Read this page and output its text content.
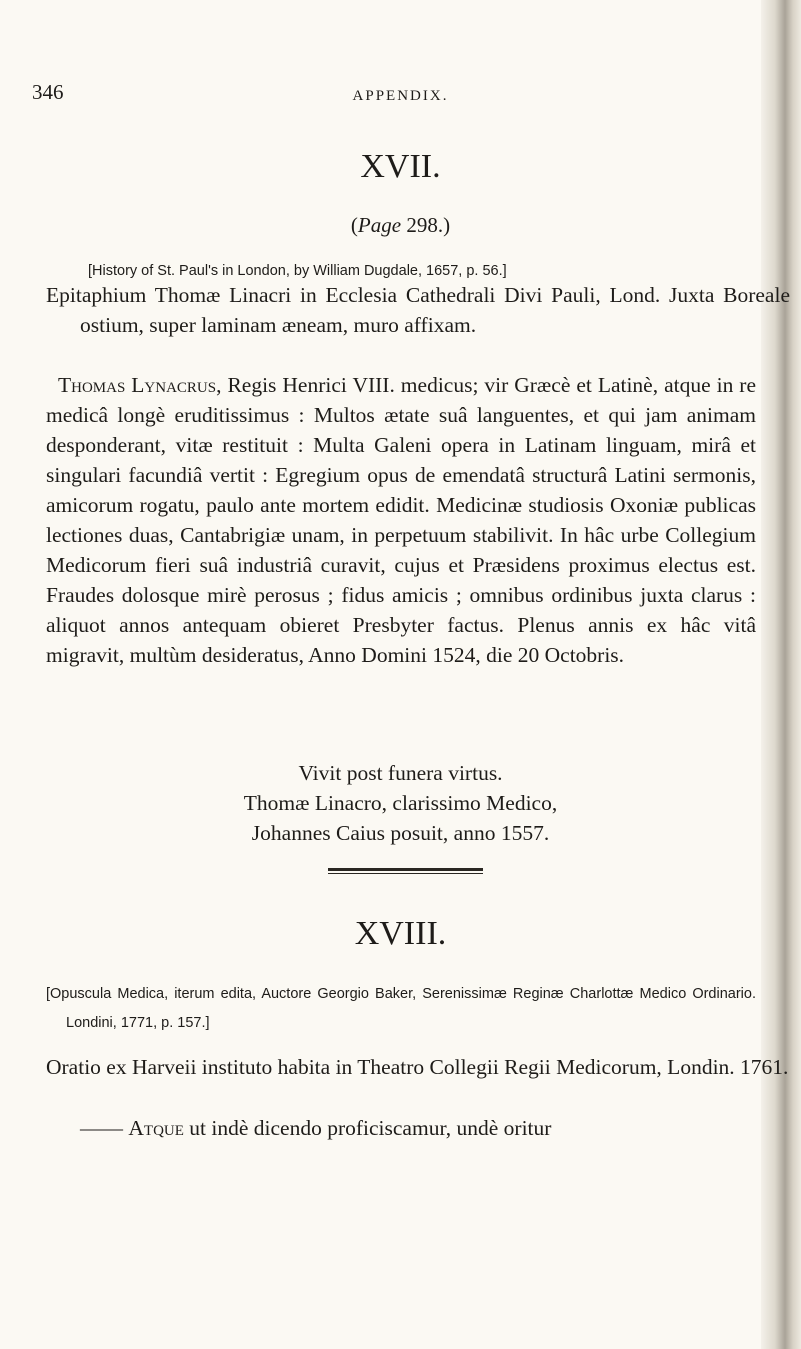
346	APPENDIX.
XVII.
(Page 298.)
[History of St. Paul's in London, by William Dugdale, 1657, p. 56.]

Epitaphium Thomæ Linacri in Ecclesia Cathedrali Divi Pauli, Lond. Juxta Boreale ostium, super laminam æneam, muro affixam.

Thomas Lynacrus, Regis Henrici VIII. medicus; vir Græcè et Latinè, atque in re medicâ longè eruditissimus : Multos ætate suâ languentes, et qui jam animam desponderant, vitæ restituit : Multa Galeni opera in Latinam linguam, mirâ et singulari facundiâ vertit : Egregium opus de emendatâ structurâ Latini sermonis, amicorum rogatu, paulo ante mortem edidit. Medicinæ studiosis Oxoniæ publicas lectiones duas, Cantabrigiæ unam, in perpetuum stabilivit. In hâc urbe Collegium Medicorum fieri suâ industriâ curavit, cujus et Præsidens proximus electus est. Fraudes dolosque mirè perosus ; fidus amicis ; omnibus ordinibus juxta clarus : aliquot annos antequam obieret Presbyter factus. Plenus annis ex hâc vitâ migravit, multùm desideratus, Anno Domini 1524, die 20 Octobris.

Vivit post funera virtus.
Thomæ Linacro, clarissimo Medico,
Johannes Caius posuit, anno 1557.
XVIII.
[Opuscula Medica, iterum edita, Auctore Georgio Baker, Serenissimæ Reginæ Charlottæ Medico Ordinario. Londini, 1771, p. 157.]

Oratio ex Harveii instituto habita in Theatro Collegii Regii Medicorum, Londin. 1761.

—— Atque ut indè dicendo proficiscamur, undè oritur
